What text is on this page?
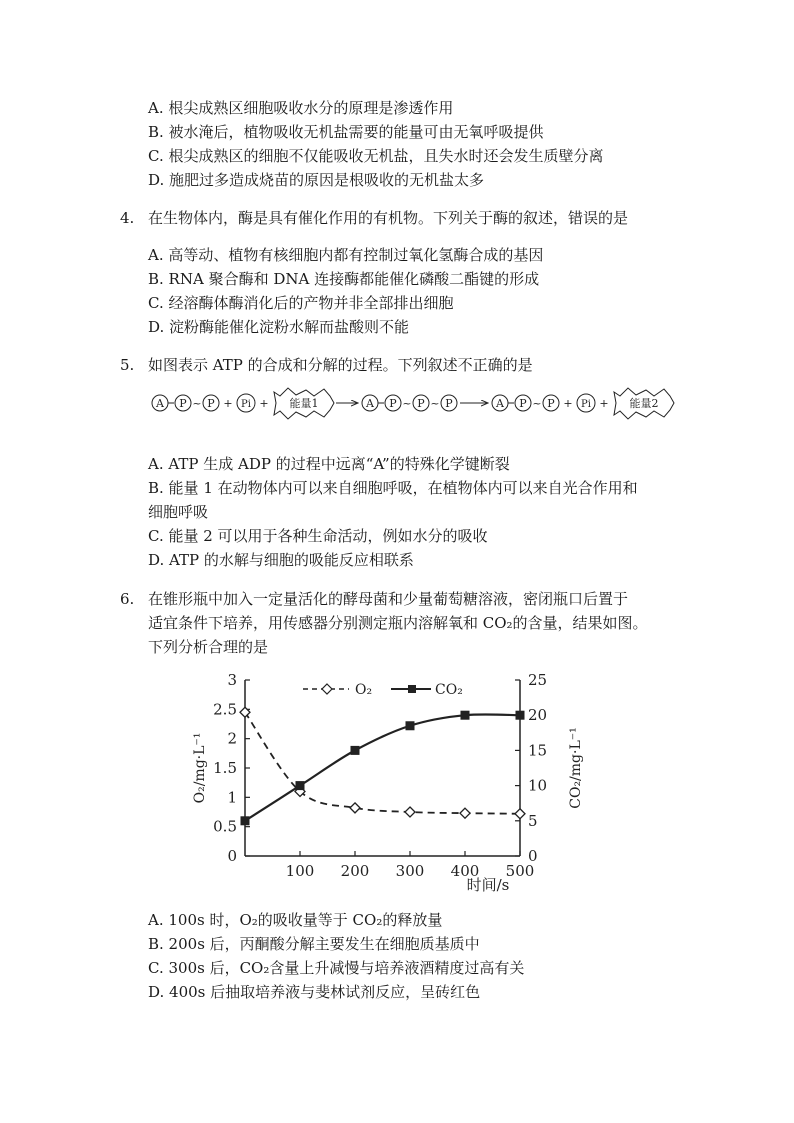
A. 根尖成熟区细胞吸收水分的原理是渗透作用
B. 被水淹后，植物吸收无机盐需要的能量可由无氧呼吸提供
C. 根尖成熟区的细胞不仅能吸收无机盐，且失水时还会发生质壁分离
D. 施肥过多造成烧苗的原因是根吸收的无机盐太多
4. 在生物体内，酶是具有催化作用的有机物。下列关于酶的叙述，错误的是
A. 高等动、植物有核细胞内都有控制过氧化氢酶合成的基因
B. RNA 聚合酶和 DNA 连接酶都能催化磷酸二酯键的形成
C. 经溶酶体酶消化后的产物并非全部排出细胞
D. 淀粉酶能催化淀粉水解而盐酸则不能
5. 如图表示 ATP 的合成和分解的过程。下列叙述不正确的是
A P ~ P + Pi + 能量1	A P ~ P ~ P	A P ~ P + Pi + 能量2
A. ATP 生成 ADP 的过程中远离“A”的特殊化学键断裂
B. 能量 1 在动物体内可以来自细胞呼吸，在植物体内可以来自光合作用和
细胞呼吸
C. 能量 2 可以用于各种生命活动，例如水分的吸收
D. ATP 的水解与细胞的吸能反应相联系
6. 在锥形瓶中加入一定量活化的酵母菌和少量葡萄糖溶液，密闭瓶口后置于
适宜条件下培养，用传感器分别测定瓶内溶解氧和 CO₂的含量，结果如图。
下列分析合理的是
0
0.5
1
1.5
2
2.5
3
0
5
10
15
20
25
100 200 300 400 500
O₂	CO₂
时间/s
O₂/mg·L⁻¹	CO₂/mg·L⁻¹
A. 100s 时，O₂的吸收量等于 CO₂的释放量
B. 200s 后，丙酮酸分解主要发生在细胞质基质中
C. 300s 后，CO₂含量上升减慢与培养液酒精度过高有关
D. 400s 后抽取培养液与斐林试剂反应，呈砖红色
